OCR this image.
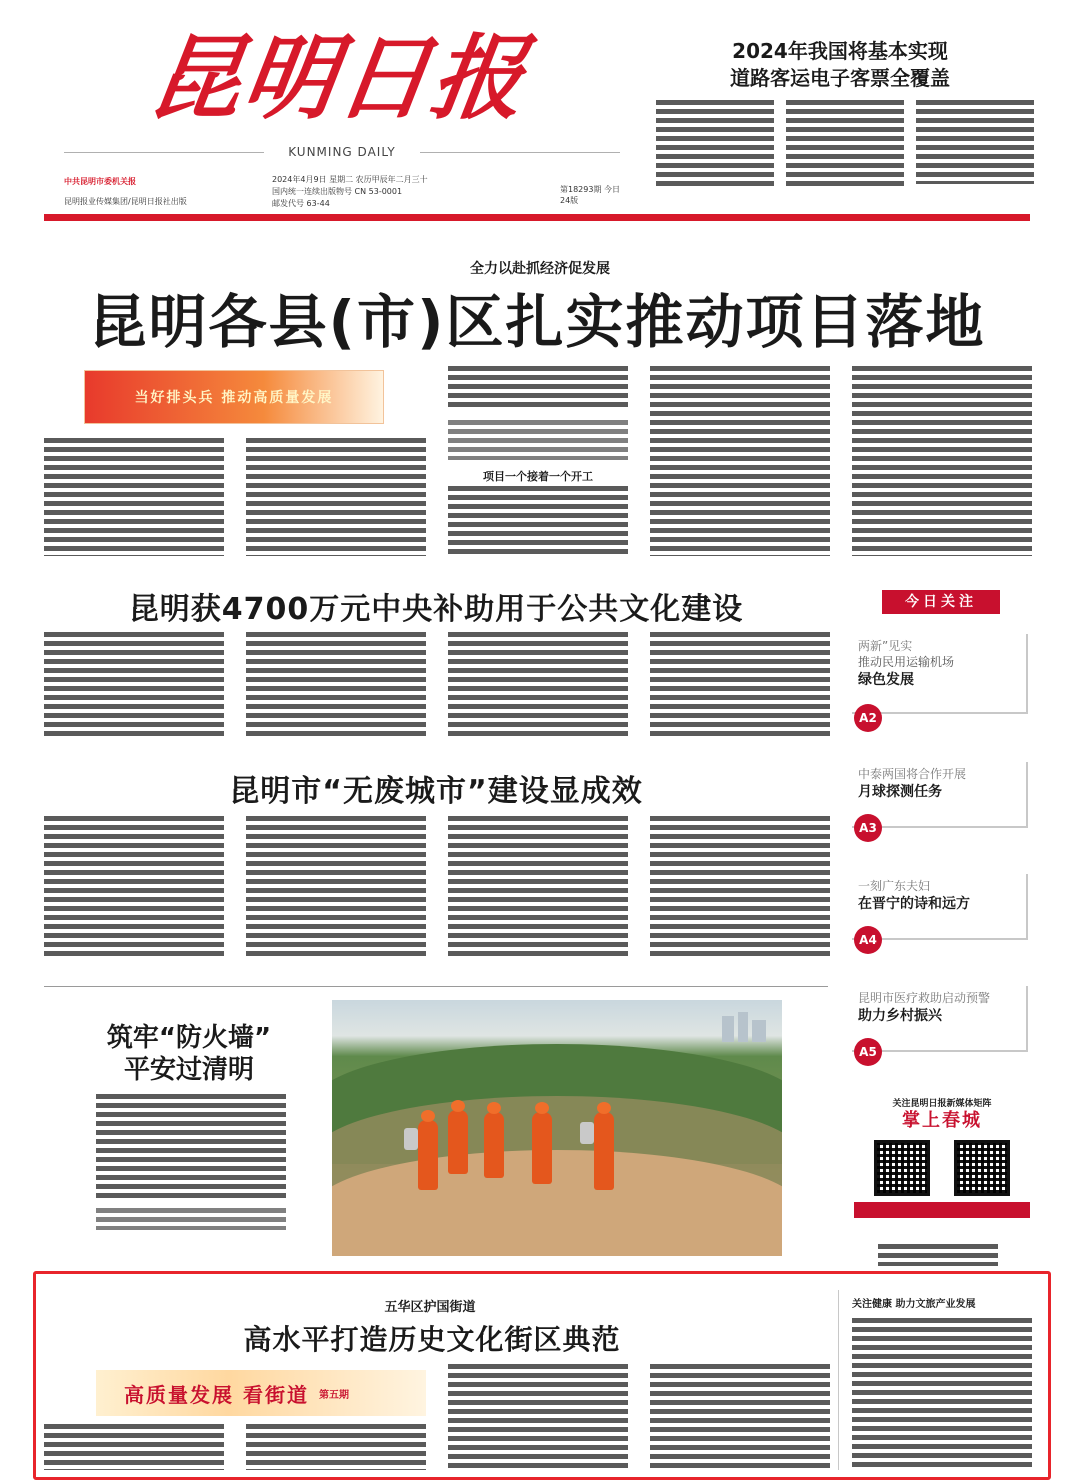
昆明日报
KUNMING DAILY
中共昆明市委机关报
昆明报业传媒集团/昆明日报社出版
2024年4月9日 星期二 农历甲辰年二月三十
国内统一连续出版物号 CN 53-0001
邮发代号 63-44
第18293期 今日24版
2024年我国将基本实现
道路客运电子客票全覆盖
全力以赴抓经济促发展
昆明各县(市)区扎实推动项目落地
当好排头兵 推动高质量发展
项目一个接着一个开工
昆明获4700万元中央补助用于公共文化建设
昆明市“无废城市”建设显成效
筑牢“防火墙”
平安过清明
今日关注
两新”见实
推动民用运输机场
绿色发展
A2
中泰两国将合作开展
月球探测任务
A3
一刻广东夫妇
在晋宁的诗和远方
A4
昆明市医疗救助启动预警
助力乡村振兴
A5
关注昆明日报新媒体矩阵
掌上春城
五华区护国街道
高水平打造历史文化街区典范
高质量发展 看街道 第五期
关注健康 助力文旅产业发展
